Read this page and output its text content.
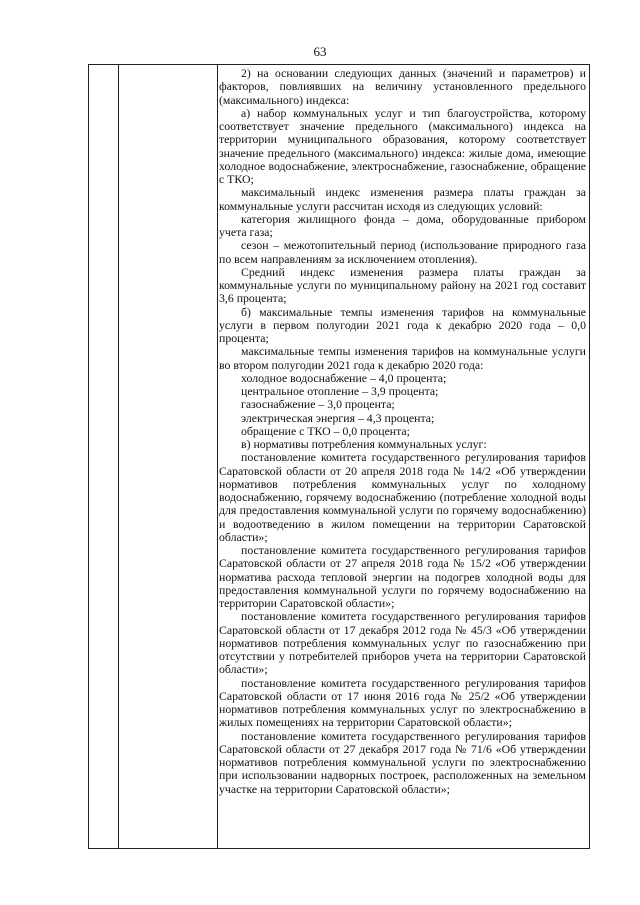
63

2) на основании следующих данных (значений и параметров) и факторов, повлиявших на величину установленного предельного (максимального) индекса:

а) набор коммунальных услуг и тип благоустройства, которому соответствует значение предельного (максимального) индекса на территории муниципального образования, которому соответствует значение предельного (максимального) индекса: жилые дома, имеющие холодное водоснабжение, электроснабжение, газоснабжение, обращение с ТКО;

максимальный индекс изменения размера платы граждан за коммунальные услуги рассчитан исходя из следующих условий:

категория жилищного фонда – дома, оборудованные прибором учета газа;

сезон – межотопительный период (использование природного газа по всем направлениям за исключением отопления).

Средний индекс изменения размера платы граждан за коммунальные услуги по муниципальному району на 2021 год составит 3,6 процента;

б) максимальные темпы изменения тарифов на коммунальные услуги в первом полугодии 2021 года к декабрю 2020 года – 0,0 процента;

максимальные темпы изменения тарифов на коммунальные услуги во втором полугодии 2021 года к декабрю 2020 года:

холодное водоснабжение – 4,0 процента;

центральное отопление – 3,9 процента;

газоснабжение – 3,0 процента;

электрическая энергия – 4,3 процента;

обращение с ТКО – 0,0 процента;

в) нормативы потребления коммунальных услуг:

постановление комитета государственного регулирования тарифов Саратовской области от 20 апреля 2018 года № 14/2 «Об утверждении нормативов потребления коммунальных услуг по холодному водоснабжению, горячему водоснабжению (потребление холодной воды для предоставления коммунальной услуги по горячему водоснабжению) и водоотведению в жилом помещении на территории Саратовской области»;

постановление комитета государственного регулирования тарифов Саратовской области от 27 апреля 2018 года № 15/2 «Об утверждении норматива расхода тепловой энергии на подогрев холодной воды для предоставления коммунальной услуги по горячему водоснабжению на территории Саратовской области»;

постановление комитета государственного регулирования тарифов Саратовской области от 17 декабря 2012 года № 45/3 «Об утверждении нормативов потребления коммунальных услуг по газоснабжению при отсутствии у потребителей приборов учета на территории Саратовской области»;

постановление комитета государственного регулирования тарифов Саратовской области от 17 июня 2016 года № 25/2 «Об утверждении нормативов потребления коммунальных услуг по электроснабжению в жилых помещениях на территории Саратовской области»;

постановление комитета государственного регулирования тарифов Саратовской области от 27 декабря 2017 года № 71/6 «Об утверждении нормативов потребления коммунальной услуги по электроснабжению при использовании надворных построек, расположенных на земельном участке на территории Саратовской области»;
